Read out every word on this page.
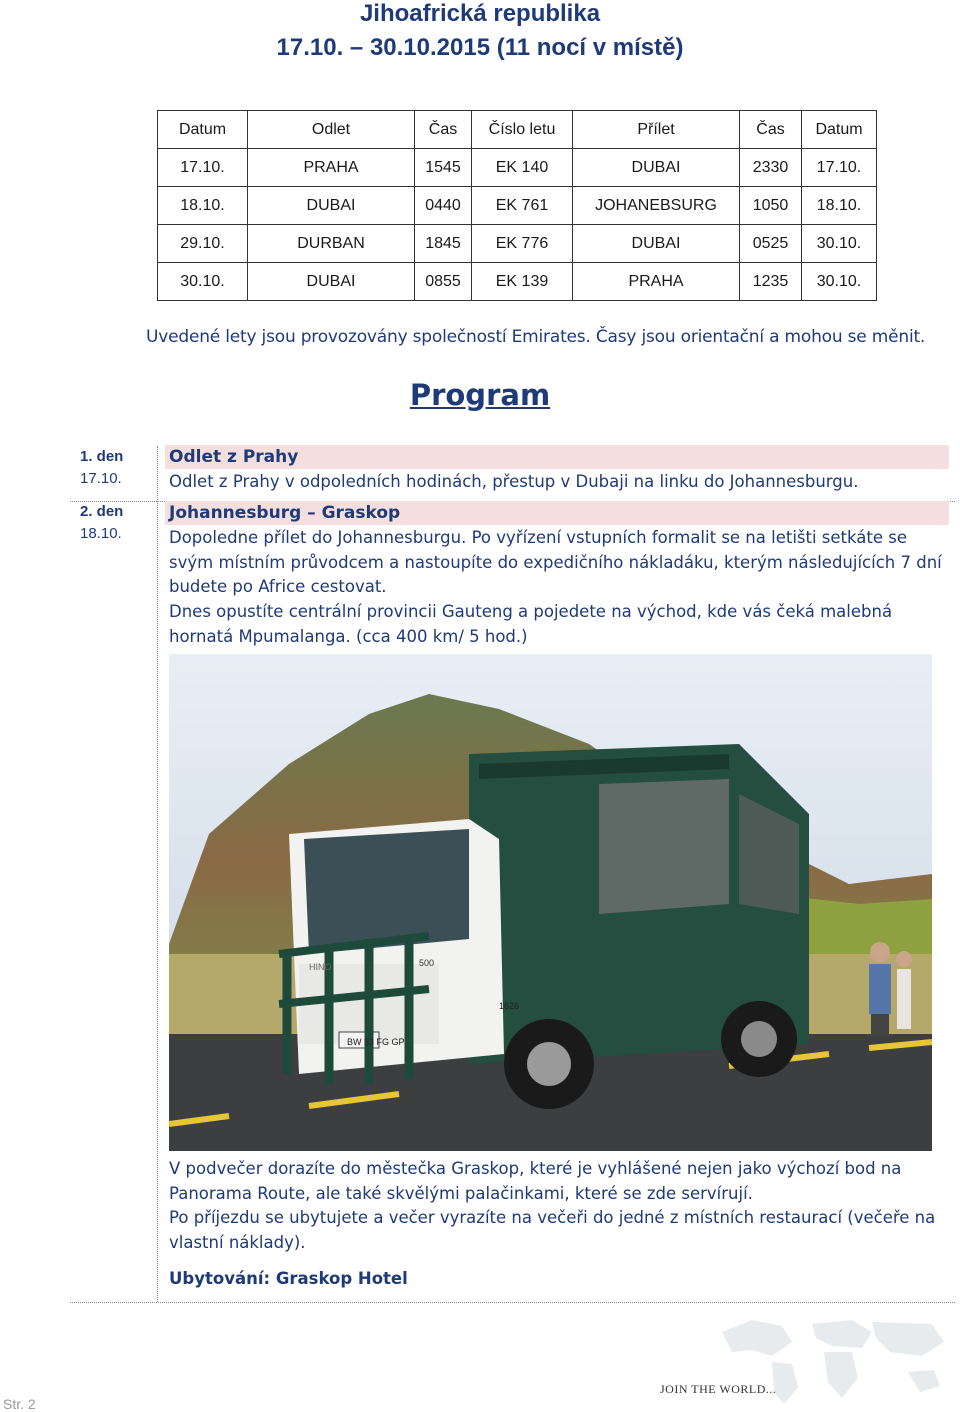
Jihoafrická republika
17.10. – 30.10.2015 (11 nocí v místě)
Datum	Odlet	Čas	Číslo letu	Přílet	Čas	Datum
17.10.	PRAHA	1545	EK 140	DUBAI	2330	17.10.
18.10.	DUBAI	0440	EK 761	JOHANEBSURG	1050	18.10.
29.10.	DURBAN	1845	EK 776	DUBAI	0525	30.10.
30.10.	DUBAI	0855	EK 139	PRAHA	1235	30.10.
Uvedené lety jsou provozovány společností Emirates. Časy jsou orientační a mohou se měnit.
Program
1. den
17.10.
Odlet z Prahy
Odlet z Prahy v odpoledních hodinách, přestup v Dubaji na linku do Johannesburgu.
2. den
18.10.
Johannesburg – Graskop

Dopoledne přílet do Johannesburgu. Po vyřízení vstupních formalit se na letišti setkáte se svým místním průvodcem a nastoupíte do expedičního nákladáku, kterým následujících 7 dní budete po Africe cestovat.

Dnes opustíte centrální provincii Gauteng a pojedete na východ, kde vás čeká malebná hornatá Mpumalanga. (cca 400 km/ 5 hod.)

BW 53 FG GP
1626
500
HINO

V podvečer dorazíte do městečka Graskop, které je vyhlášené nejen jako výchozí bod na Panorama Route, ale také skvělými palačinkami, které se zde servírují.

Po příjezdu se ubytujete a večer vyrazíte na večeři do jedné z místních restaurací (večeře na vlastní náklady).

Ubytování: Graskop Hotel
JOIN THE WORLD...
Str. 2
